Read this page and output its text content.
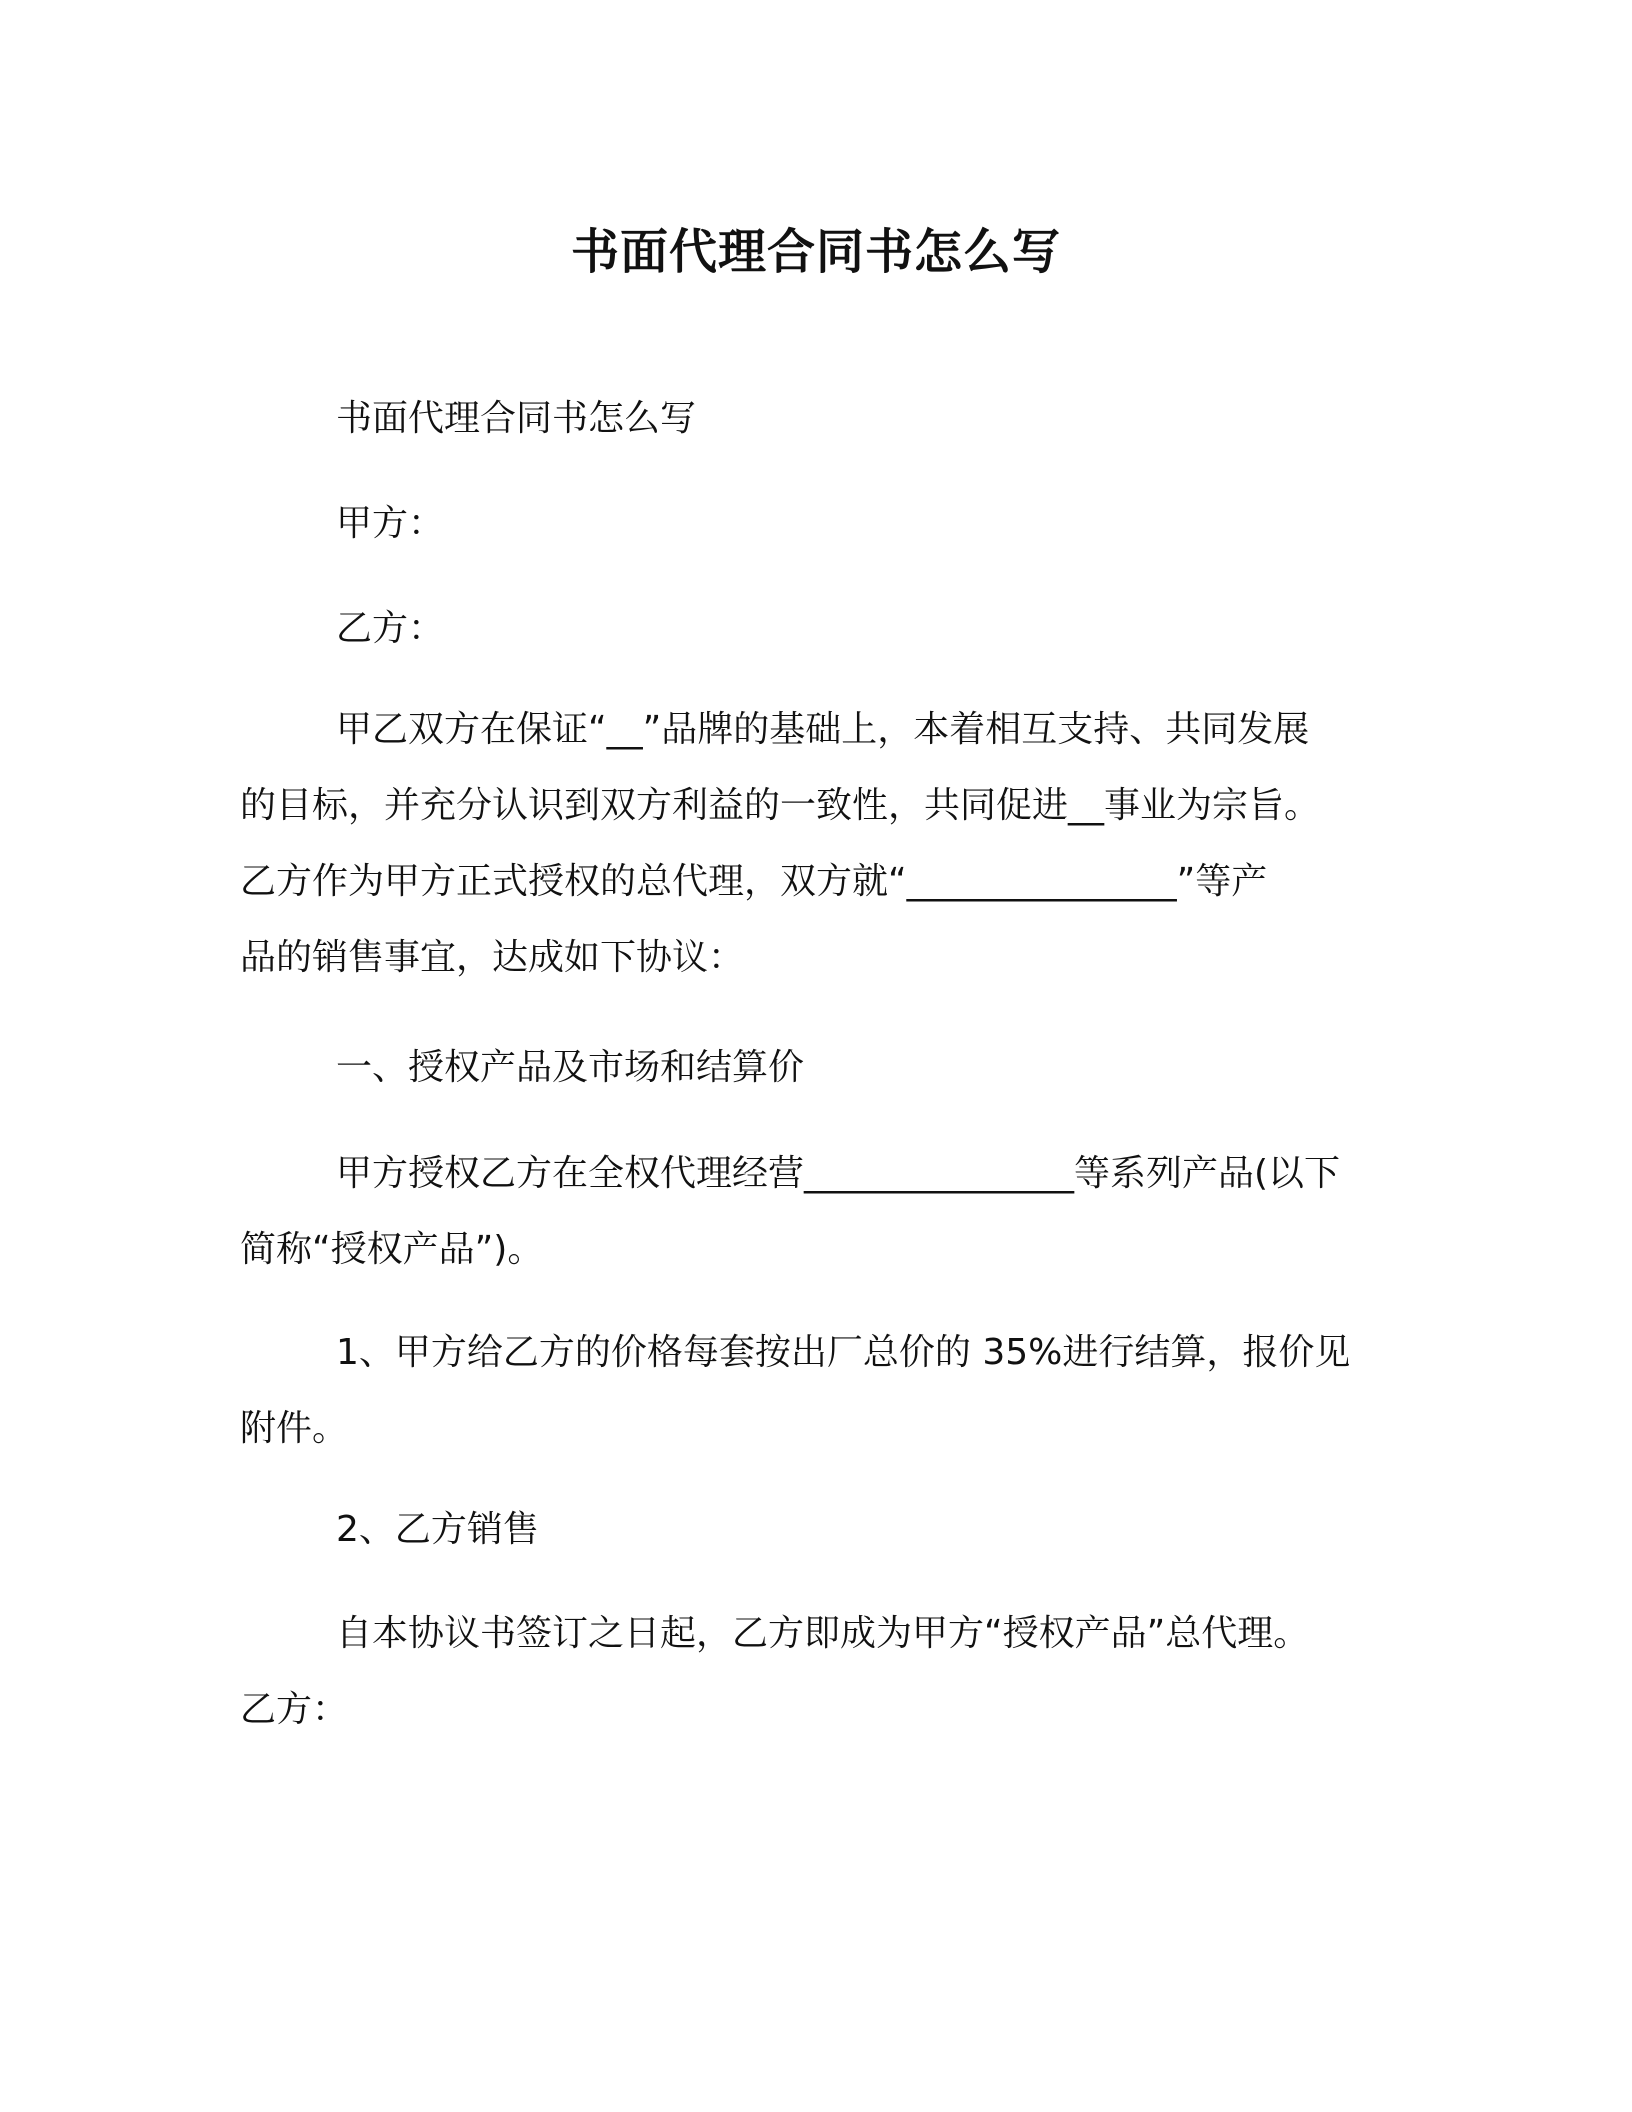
书面代理合同书怎么写
书面代理合同书怎么写
甲方：
乙方：
甲乙双方在保证“__”品牌的基础上，本着相互支持、共同发展
的目标，并充分认识到双方利益的一致性，共同促进__事业为宗旨。
乙方作为甲方正式授权的总代理，双方就“_______________”等产
品的销售事宜，达成如下协议：
一、授权产品及市场和结算价
甲方授权乙方在全权代理经营_______________等系列产品(以下
简称“授权产品”)。
1、甲方给乙方的价格每套按出厂总价的 35%进行结算，报价见
附件。
2、乙方销售
自本协议书签订之日起，乙方即成为甲方“授权产品”总代理。
乙方：
